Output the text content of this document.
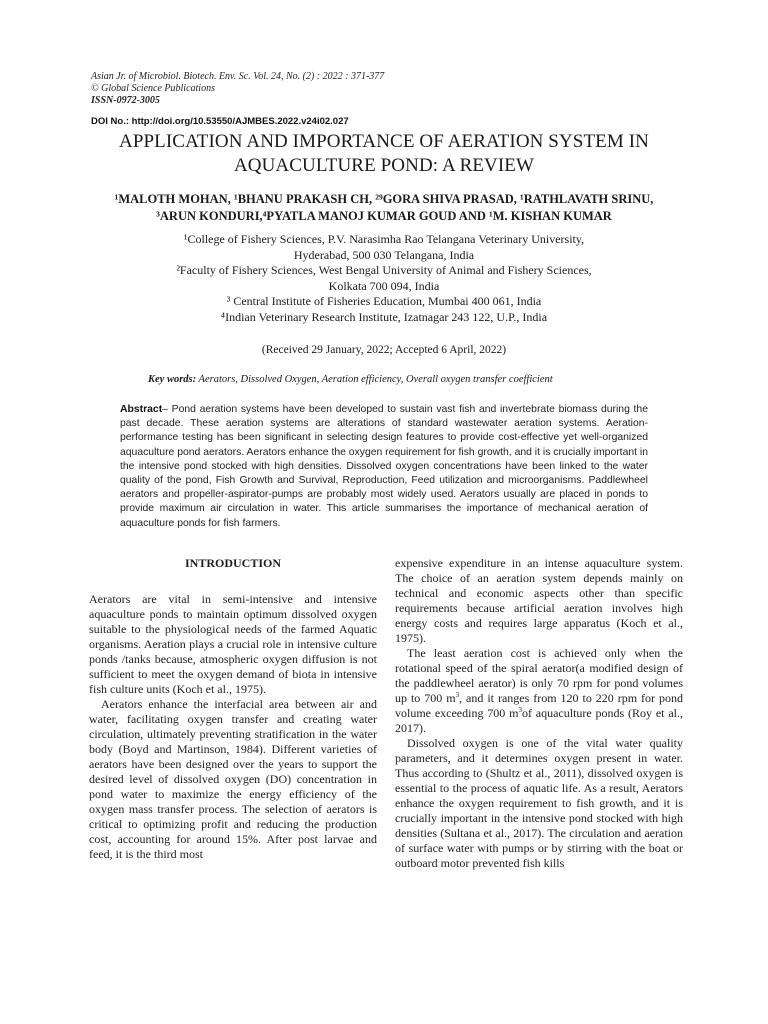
Asian Jr. of Microbiol. Biotech. Env. Sc. Vol. 24, No. (2) : 2022 : 371-377
© Global Science Publications
ISSN-0972-3005
DOI No.: http://doi.org/10.53550/AJMBES.2022.v24i02.027
APPLICATION AND IMPORTANCE OF AERATION SYSTEM IN
AQUACULTURE POND: A REVIEW
¹MALOTH MOHAN, ¹BHANU PRAKASH CH, ²⁹GORA SHIVA PRASAD, ¹RATHLAVATH SRINU,
³ARUN KONDURI,⁴PYATLA MANOJ KUMAR GOUD AND ¹M. KISHAN KUMAR
¹College of Fishery Sciences, P.V. Narasimha Rao Telangana Veterinary University,
Hyderabad, 500 030 Telangana, India
²Faculty of Fishery Sciences, West Bengal University of Animal and Fishery Sciences,
Kolkata 700 094, India
³ Central Institute of Fisheries Education, Mumbai 400 061, India
⁴Indian Veterinary Research Institute, Izatnagar 243 122, U.P., India
(Received 29 January, 2022; Accepted 6 April, 2022)
Key words: Aerators, Dissolved Oxygen, Aeration efficiency, Overall oxygen transfer coefficient
Abstract– Pond aeration systems have been developed to sustain vast fish and invertebrate biomass during the past decade. These aeration systems are alterations of standard wastewater aeration systems. Aeration-performance testing has been significant in selecting design features to provide cost-effective yet well-organized aquaculture pond aerators. Aerators enhance the oxygen requirement for fish growth, and it is crucially important in the intensive pond stocked with high densities. Dissolved oxygen concentrations have been linked to the water quality of the pond, Fish Growth and Survival, Reproduction, Feed utilization and microorganisms. Paddlewheel aerators and propeller-aspirator-pumps are probably most widely used. Aerators usually are placed in ponds to provide maximum air circulation in water. This article summarises the importance of mechanical aeration of aquaculture ponds for fish farmers.
INTRODUCTION

Aerators are vital in semi-intensive and intensive aquaculture ponds to maintain optimum dissolved oxygen suitable to the physiological needs of the farmed Aquatic organisms. Aeration plays a crucial role in intensive culture ponds /tanks because, atmospheric oxygen diffusion is not sufficient to meet the oxygen demand of biota in intensive fish culture units (Koch et al., 1975).

Aerators enhance the interfacial area between air and water, facilitating oxygen transfer and creating water circulation, ultimately preventing stratification in the water body (Boyd and Martinson, 1984). Different varieties of aerators have been designed over the years to support the desired level of dissolved oxygen (DO) concentration in pond water to maximize the energy efficiency of the oxygen mass transfer process. The selection of aerators is critical to optimizing profit and reducing the production cost, accounting for around 15%. After post larvae and feed, it is the third most

expensive expenditure in an intense aquaculture system. The choice of an aeration system depends mainly on technical and economic aspects other than specific requirements because artificial aeration involves high energy costs and requires large apparatus (Koch et al., 1975).

The least aeration cost is achieved only when the rotational speed of the spiral aerator(a modified design of the paddlewheel aerator) is only 70 rpm for pond volumes up to 700 $m^3$, and it ranges from 120 to 220 rpm for pond volume exceeding 700 $m^3of$ aquaculture ponds (Roy et al., 2017).

Dissolved oxygen is one of the vital water quality parameters, and it determines oxygen present in water. Thus according to (Shultz et al., 2011), dissolved oxygen is essential to the process of aquatic life. As a result, Aerators enhance the oxygen requirement to fish growth, and it is crucially important in the intensive pond stocked with high densities (Sultana et al., 2017). The circulation and aeration of surface water with pumps or by stirring with the boat or outboard motor prevented fish kills
